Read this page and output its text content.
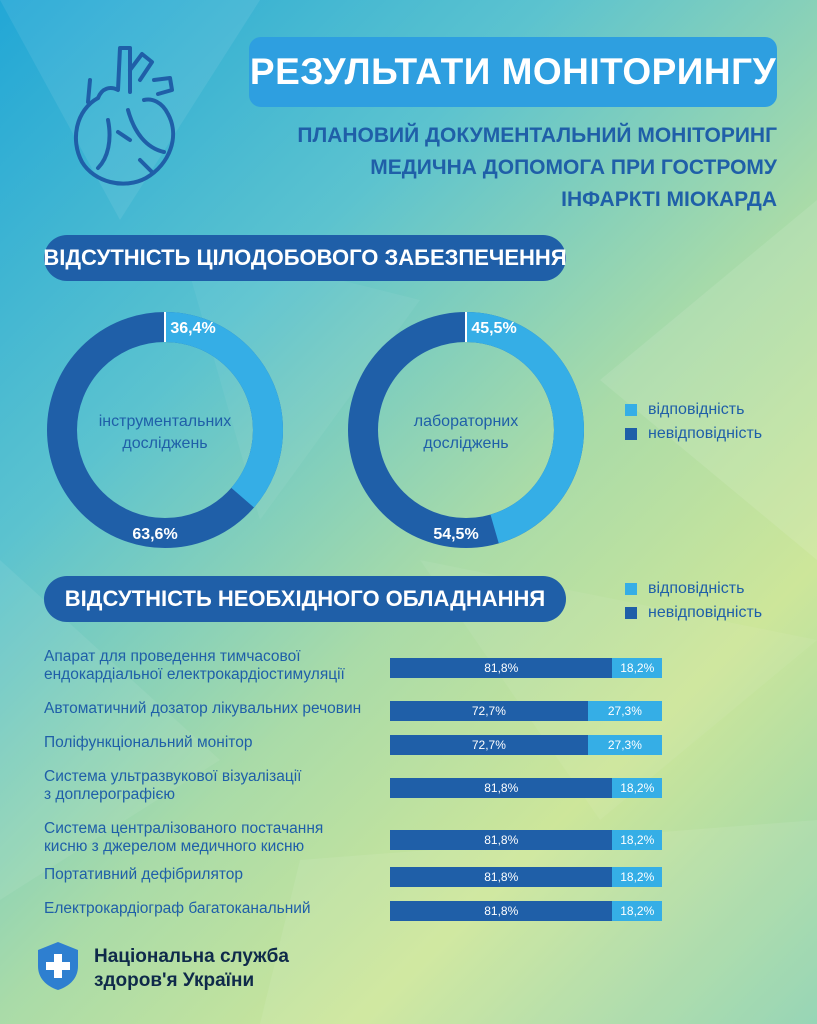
РЕЗУЛЬТАТИ МОНІТОРИНГУ
ПЛАНОВИЙ ДОКУМЕНТАЛЬНИЙ МОНІТОРИНГ
МЕДИЧНА ДОПОМОГА ПРИ ГОСТРОМУ
ІНФАРКТІ МІОКАРДА
ВІДСУТНІСТЬ ЦІЛОДОБОВОГО ЗАБЕЗПЕЧЕННЯ
36,4%
63,6%
інструментальних
досліджень
45,5%
54,5%
лабораторних
досліджень
відповідність
невідповідність
ВІДСУТНІСТЬ НЕОБХІДНОГО ОБЛАДНАННЯ	відповідність
невідповідність
Апарат для проведення тимчасової
ендокардіальної електрокардіостимуляції	81,8%	18,2%
Автоматичний дозатор лікувальних речовин	72,7%	27,3%
Поліфункціональний монітор	72,7%	27,3%
Система ультразвукової візуалізації
з доплерографією	81,8%	18,2%
Система централізованого постачання
кисню з джерелом медичного кисню	81,8%	18,2%
Портативний дефібрилятор	81,8%	18,2%
Електрокардіограф багатоканальний	81,8%	18,2%
Національна служба
здоров'я України
